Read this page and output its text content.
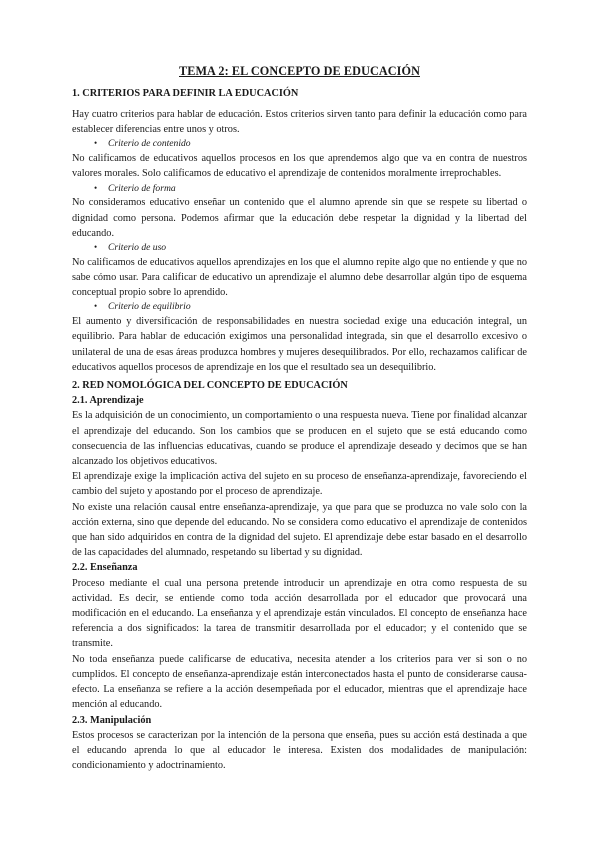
TEMA 2: EL CONCEPTO DE EDUCACIÓN
1. CRITERIOS PARA DEFINIR LA EDUCACIÓN

Hay cuatro criterios para hablar de educación. Estos criterios sirven tanto para definir la educación como para establecer diferencias entre unos y otros.

• Criterio de contenido

No calificamos de educativos aquellos procesos en los que aprendemos algo que va en contra de nuestros valores morales. Solo calificamos de educativo el aprendizaje de contenidos moralmente irreprochables.

• Criterio de forma

No consideramos educativo enseñar un contenido que el alumno aprende sin que se respete su libertad o dignidad como persona. Podemos afirmar que la educación debe respetar la dignidad y la libertad del educando.

• Criterio de uso

No calificamos de educativos aquellos aprendizajes en los que el alumno repite algo que no entiende y que no sabe cómo usar. Para calificar de educativo un aprendizaje el alumno debe desarrollar algún tipo de esquema conceptual propio sobre lo aprendido.

• Criterio de equilibrio

El aumento y diversificación de responsabilidades en nuestra sociedad exige una educación integral, un equilibrio. Para hablar de educación exigimos una personalidad integrada, sin que el desarrollo excesivo o unilateral de una de esas áreas produzca hombres y mujeres desequilibrados. Por ello, rechazamos calificar de educativos aquellos procesos de aprendizaje en los que el resultado sea un desequilibrio.

2. RED NOMOLÓGICA DEL CONCEPTO DE EDUCACIÓN
2.1. Aprendizaje

Es la adquisición de un conocimiento, un comportamiento o una respuesta nueva. Tiene por finalidad alcanzar el aprendizaje del educando. Son los cambios que se producen en el sujeto que se está educando como consecuencia de las influencias educativas, cuando se produce el aprendizaje deseado y decimos que se han alcanzado los objetivos educativos.

El aprendizaje exige la implicación activa del sujeto en su proceso de enseñanza-aprendizaje, favoreciendo el cambio del sujeto y apostando por el proceso de aprendizaje.

No existe una relación causal entre enseñanza-aprendizaje, ya que para que se produzca no vale solo con la acción externa, sino que depende del educando. No se considera como educativo el aprendizaje de contenidos que han sido adquiridos en contra de la dignidad del sujeto. El aprendizaje debe estar basado en el desarrollo de las capacidades del alumnado, respetando su libertad y su dignidad.

2.2. Enseñanza

Proceso mediante el cual una persona pretende introducir un aprendizaje en otra como respuesta de su actividad. Es decir, se entiende como toda acción desarrollada por el educador que provocará una modificación en el educando. La enseñanza y el aprendizaje están vinculados. El concepto de enseñanza hace referencia a dos significados: la tarea de transmitir desarrollada por el educador; y el contenido que se transmite.

No toda enseñanza puede calificarse de educativa, necesita atender a los criterios para ver si son o no cumplidos. El concepto de enseñanza-aprendizaje están interconectados hasta el punto de considerarse causa-efecto. La enseñanza se refiere a la acción desempeñada por el educador, mientras que el aprendizaje hace mención al educando.

2.3. Manipulación

Estos procesos se caracterizan por la intención de la persona que enseña, pues su acción está destinada a que el educando aprenda lo que al educador le interesa. Existen dos modalidades de manipulación: condicionamiento y adoctrinamiento.
